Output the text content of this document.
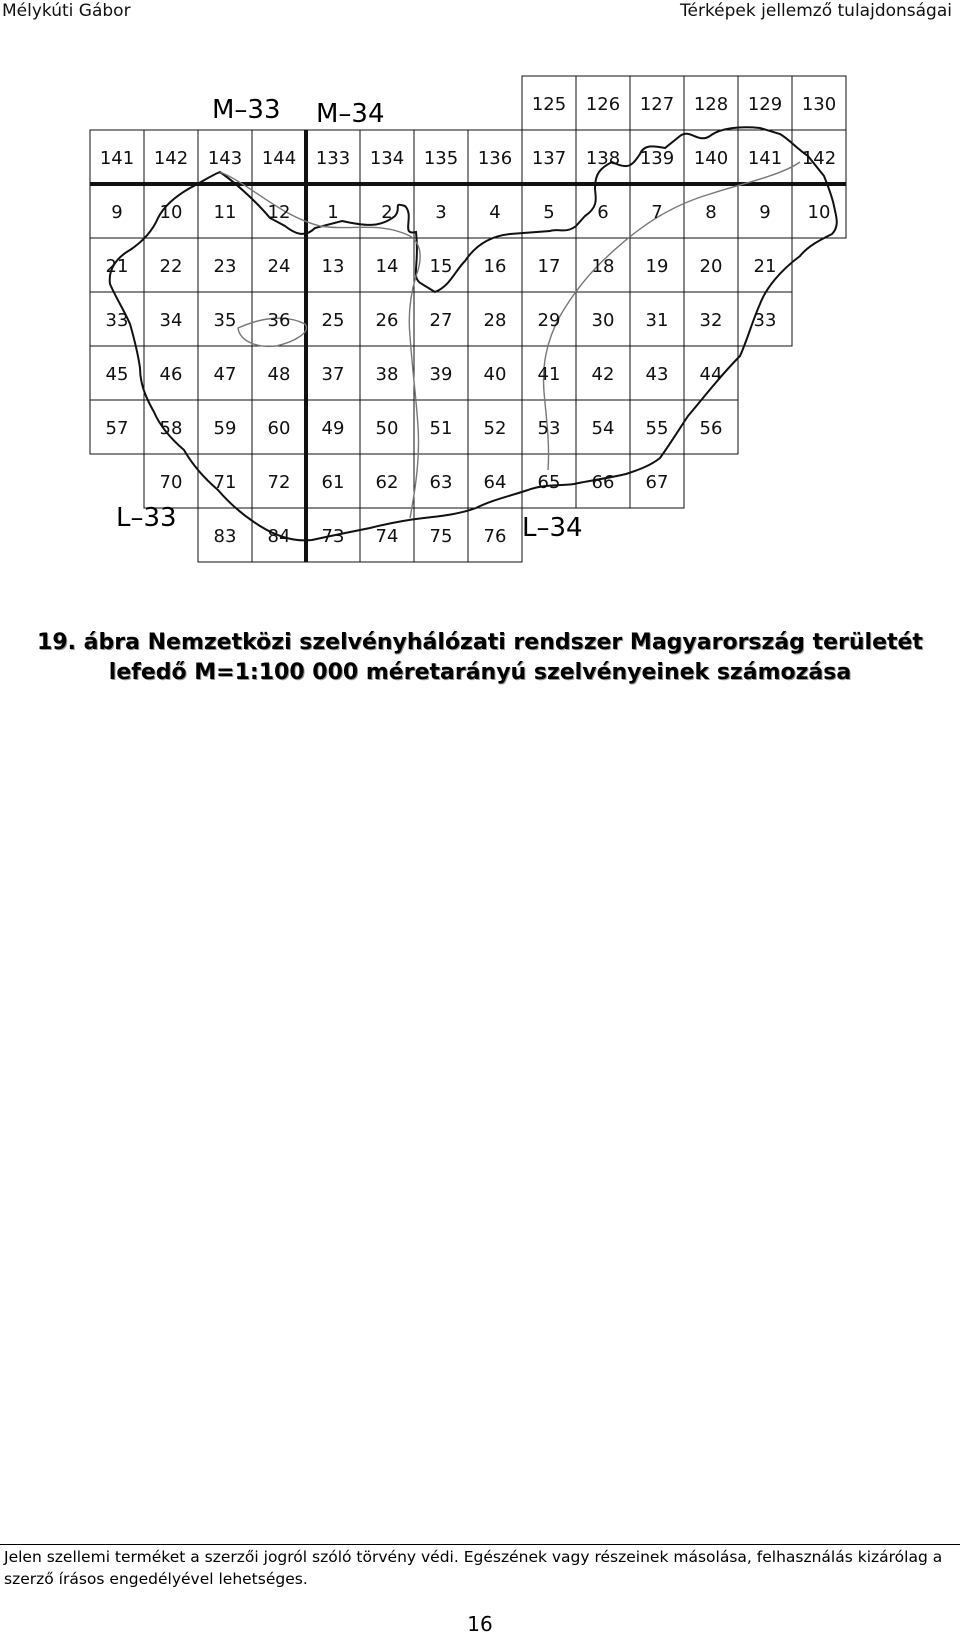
Mélykúti Gábor	Térképek jellemző tulajdonságai
125 126 127 128 129 130
141 142 143 144 133 134 135 136 137 138 139 140 141 142
9 10 11 12 1 2 3 4 5 6 7 8 9 10
21 22 23 24 13 14 15 16 17 18 19 20 21
33 34 35 36 25 26 27 28 29 30 31 32 33
45 46 47 48 37 38 39 40 41 42 43 44
57 58 59 60 49 50 51 52 53 54 55 56
70 71 72 61 62 63 64 65 66 67
83 84 73 74 75 76
M–33 M–34
L–33	L–34
19. ábra Nemzetközi szelvényhálózati rendszer Magyarország területét
lefedő M=1:100 000 méretarányú szelvényeinek számozása
Jelen szellemi terméket a szerzői jogról szóló törvény védi. Egészének vagy részeinek másolása, felhasználás kizárólag a szerző írásos engedélyével lehetséges.
16
